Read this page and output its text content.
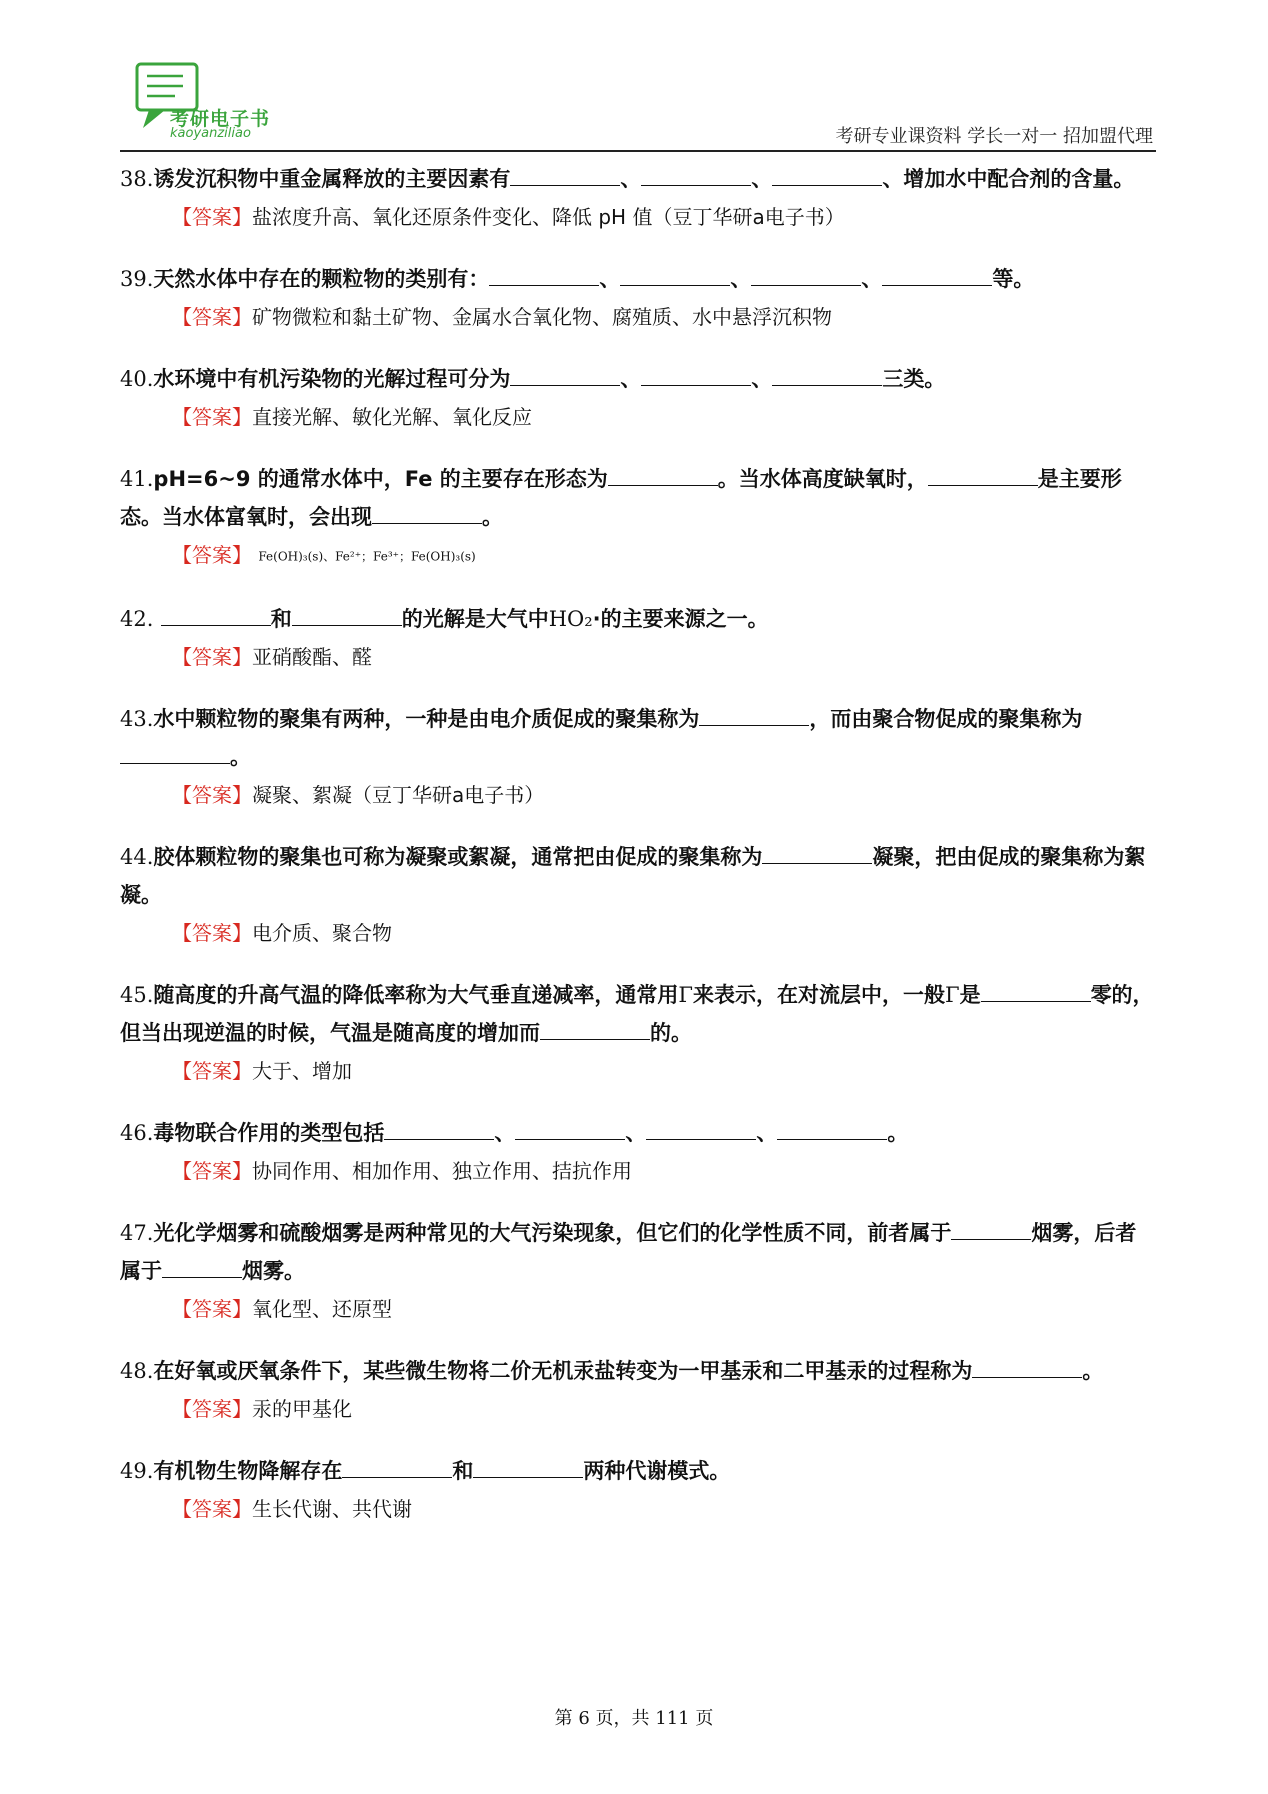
考研电子书
kaoyanziliao	考研专业课资料 学长一对一 招加盟代理

38.诱发沉积物中重金属释放的主要因素有	、	、	、增加水中配合剂的含量。

【答案】盐浓度升高、氧化还原条件变化、降低 pH 值（豆丁华研a电子书）

39.天然水体中存在的颗粒物的类别有：	、	、	、	等。

【答案】矿物微粒和黏土矿物、金属水合氧化物、腐殖质、水中悬浮沉积物

40.水环境中有机污染物的光解过程可分为	、	、	三类。

【答案】直接光解、敏化光解、氧化反应

41.pH=6~9 的通常水体中，Fe 的主要存在形态为	。当水体高度缺氧时，	是主要形态。当水体富氧时，会出现	。

【答案】 Fe(OH)₃(s)、Fe²⁺；Fe³⁺；Fe(OH)₃(s)

42.	和	的光解是大气中HO₂·的主要来源之一。

【答案】亚硝酸酯、醛

43.水中颗粒物的聚集有两种，一种是由电介质促成的聚集称为	，而由聚合物促成的聚集称为。

【答案】凝聚、絮凝（豆丁华研a电子书）

44.胶体颗粒物的聚集也可称为凝聚或絮凝，通常把由促成的聚集称为	凝聚，把由促成的聚集称为絮凝。

【答案】电介质、聚合物

45.随高度的升高气温的降低率称为大气垂直递减率，通常用Γ来表示，在对流层中，一般Γ是	零的，但当出现逆温的时候，气温是随高度的增加而	的。

【答案】大于、增加

46.毒物联合作用的类型包括	、	、	、	。

【答案】协同作用、相加作用、独立作用、拮抗作用

47.光化学烟雾和硫酸烟雾是两种常见的大气污染现象，但它们的化学性质不同，前者属于	烟雾，后者属于	烟雾。

【答案】氧化型、还原型

48.在好氧或厌氧条件下，某些微生物将二价无机汞盐转变为一甲基汞和二甲基汞的过程称为	。

【答案】汞的甲基化

49.有机物生物降解存在	和	两种代谢模式。

【答案】生长代谢、共代谢

第 6 页，共 111 页
